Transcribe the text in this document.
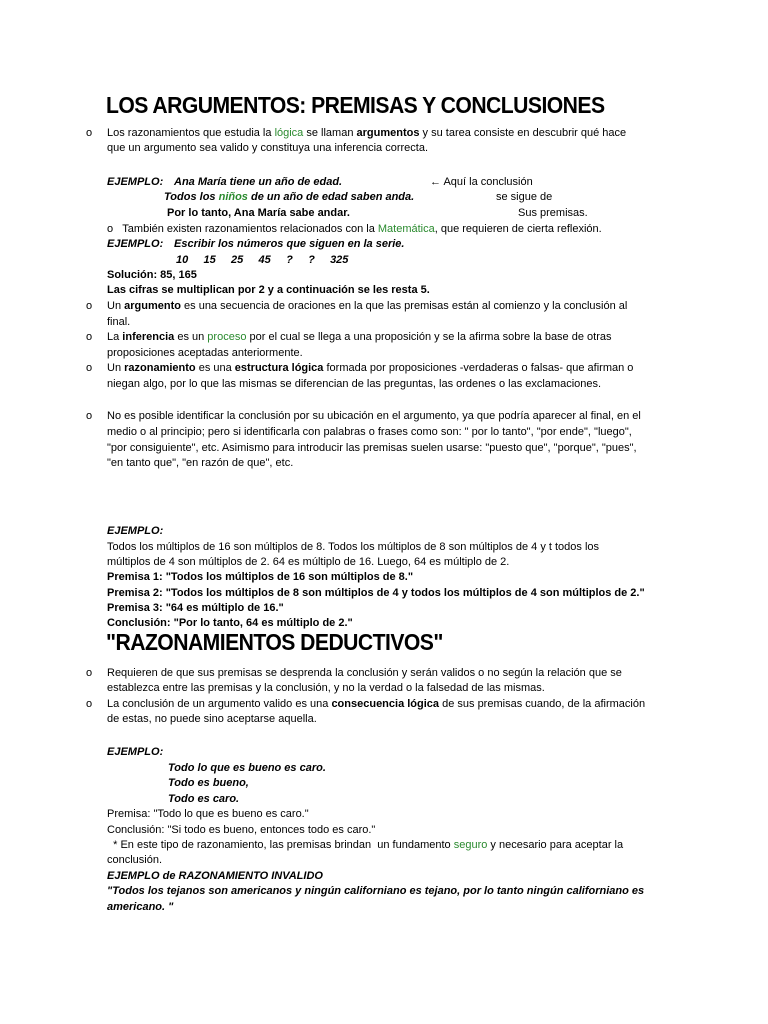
LOS ARGUMENTOS: PREMISAS Y CONCLUSIONES
o Los razonamientos que estudia la lógica se llaman argumentos y su tarea consiste en descubrir qué hace
que un argumento sea valido y constituya una inferencia correcta.
EJEMPLO: Ana María tiene un año de edad.	← Aquí la conclusión
Todos los niños de un año de edad saben anda.	se sigue de
Por lo tanto, Ana María sabe andar.	Sus premisas.
o También existen razonamientos relacionados con la Matemática, que requieren de cierta reflexión.
EJEMPLO: Escribir los números que siguen en la serie.
10     15     25     45     ?     ?     325
Solución: 85, 165
Las cifras se multiplican por 2 y a continuación se les resta 5.
o Un argumento es una secuencia de oraciones en la que las premisas están al comienzo y la conclusión al
final.
o La inferencia es un proceso por el cual se llega a una proposición y se la afirma sobre la base de otras
proposiciones aceptadas anteriormente.
o Un razonamiento es una estructura lógica formada por proposiciones -verdaderas o falsas- que afirman o
niegan algo, por lo que las mismas se diferencian de las preguntas, las ordenes o las exclamaciones.
o No es posible identificar la conclusión por su ubicación en el argumento, ya que podría aparecer al final, en el
medio o al principio; pero si identificarla con palabras o frases como son: " por lo tanto", "por ende", "luego",
"por consiguiente", etc. Asimismo para introducir las premisas suelen usarse: "puesto que", "porque", "pues",
"en tanto que", "en razón de que", etc.
EJEMPLO:
Todos los múltiplos de 16 son múltiplos de 8. Todos los múltiplos de 8 son múltiplos de 4 y t todos los
múltiplos de 4 son múltiplos de 2. 64 es múltiplo de 16. Luego, 64 es múltiplo de 2.
Premisa 1: "Todos los múltiplos de 16 son múltiplos de 8."
Premisa 2: "Todos los múltiplos de 8 son múltiplos de 4 y todos los múltiplos de 4 son múltiplos de 2."
Premisa 3: "64 es múltiplo de 16."
Conclusión: "Por lo tanto, 64 es múltiplo de 2."
"RAZONAMIENTOS DEDUCTIVOS"
o Requieren de que sus premisas se desprenda la conclusión y serán validos o no según la relación que se
establezca entre las premisas y la conclusión, y no la verdad o la falsedad de las mismas.
o La conclusión de un argumento valido es una consecuencia lógica de sus premisas cuando, de la afirmación
de estas, no puede sino aceptarse aquella.
EJEMPLO:
Todo lo que es bueno es caro.
Todo es bueno,
Todo es caro.
Premisa: "Todo lo que es bueno es caro."
Conclusión: "Si todo es bueno, entonces todo es caro."
* En este tipo de razonamiento, las premisas brindan  un fundamento seguro y necesario para aceptar la
conclusión.
EJEMPLO de RAZONAMIENTO INVALIDO
"Todos los tejanos son americanos y ningún californiano es tejano, por lo tanto ningún californiano es
americano. "
